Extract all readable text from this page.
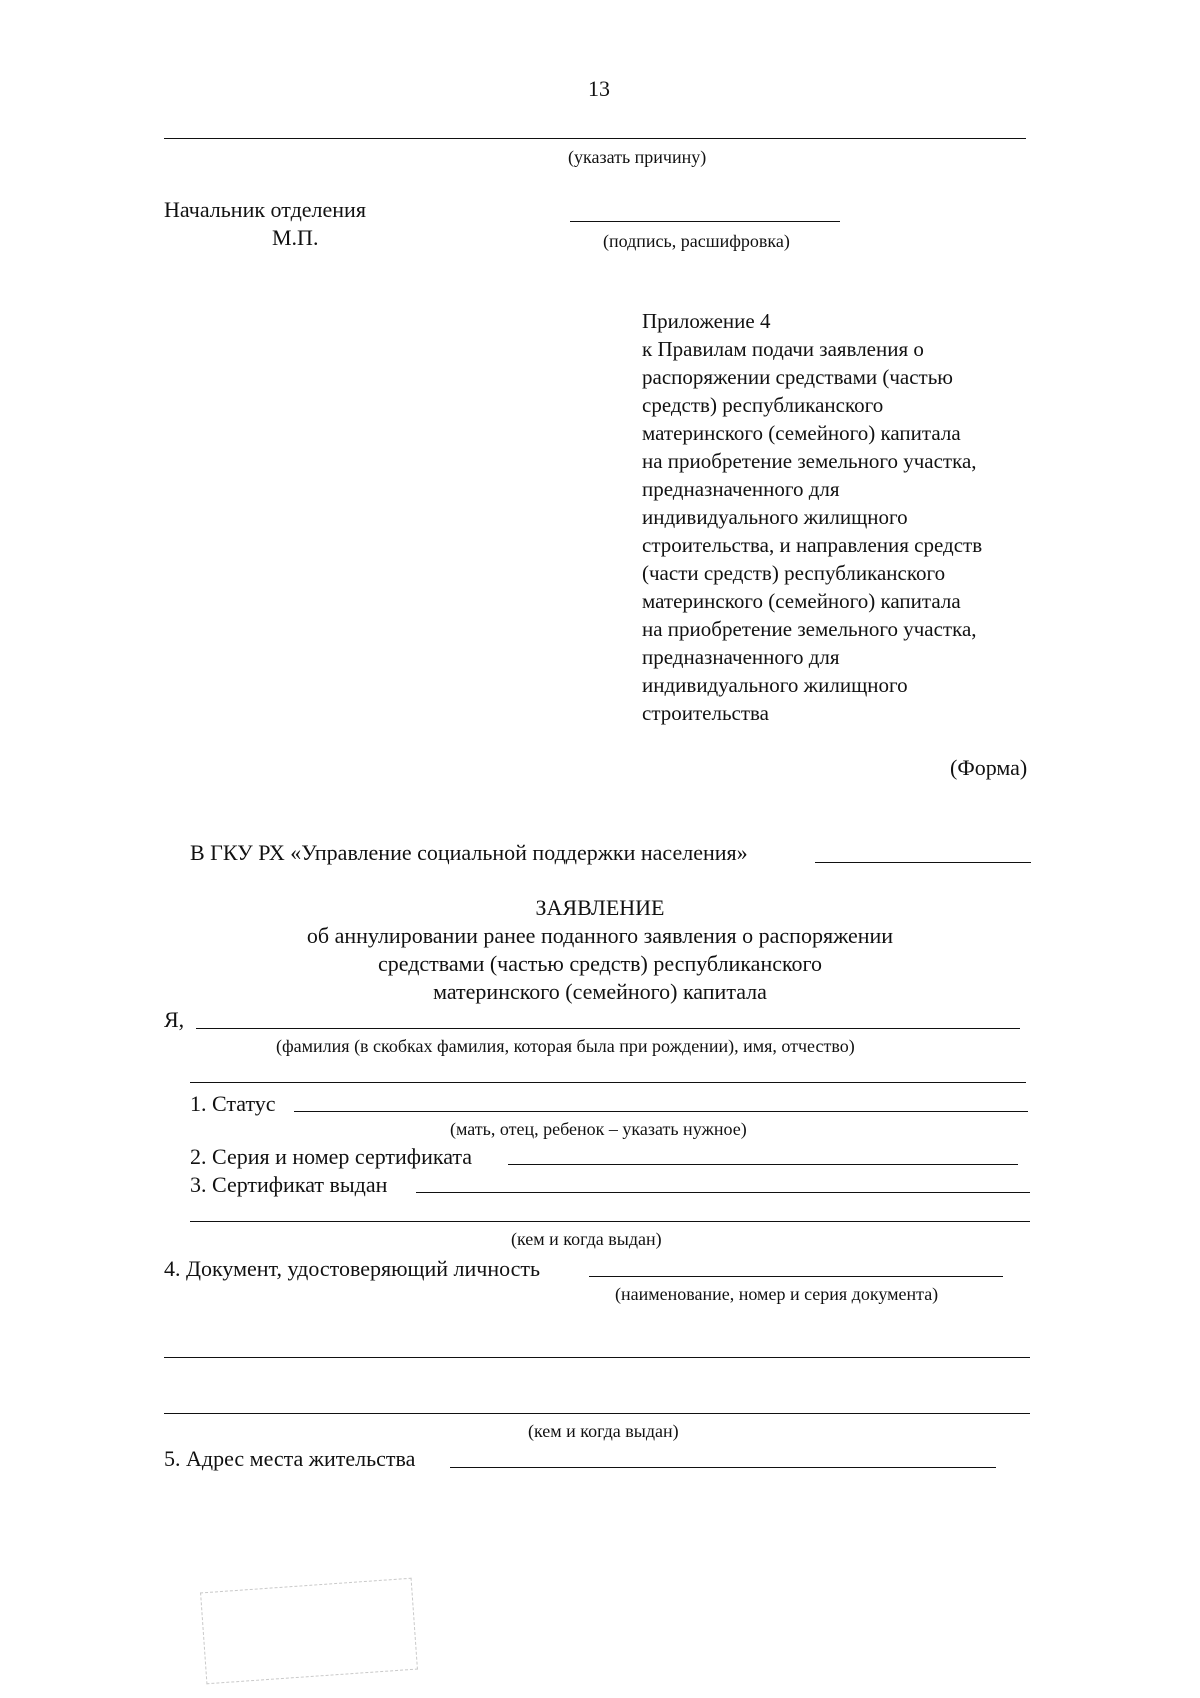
13
(указать причину)
Начальник отделения
М.П.	(подпись, расшифровка)
Приложение 4
к Правилам подачи заявления о
распоряжении средствами (частью
средств) республиканского
материнского (семейного) капитала
на приобретение земельного участка,
предназначенного для
индивидуального жилищного
строительства, и направления средств
(части средств) республиканского
материнского (семейного) капитала
на приобретение земельного участка,
предназначенного для
индивидуального жилищного
строительства
(Форма)
В ГКУ РХ «Управление социальной поддержки населения»
ЗАЯВЛЕНИЕ
об аннулировании ранее поданного заявления о распоряжении
средствами (частью средств) республиканского
материнского (семейного) капитала
Я,
(фамилия (в скобках фамилия, которая была при рождении), имя, отчество)
1. Статус
(мать, отец, ребенок – указать нужное)
2. Серия и номер сертификата
3. Сертификат выдан
(кем и когда выдан)
4. Документ, удостоверяющий личность
(наименование, номер и серия документа)
(кем и когда выдан)
5. Адрес места жительства
